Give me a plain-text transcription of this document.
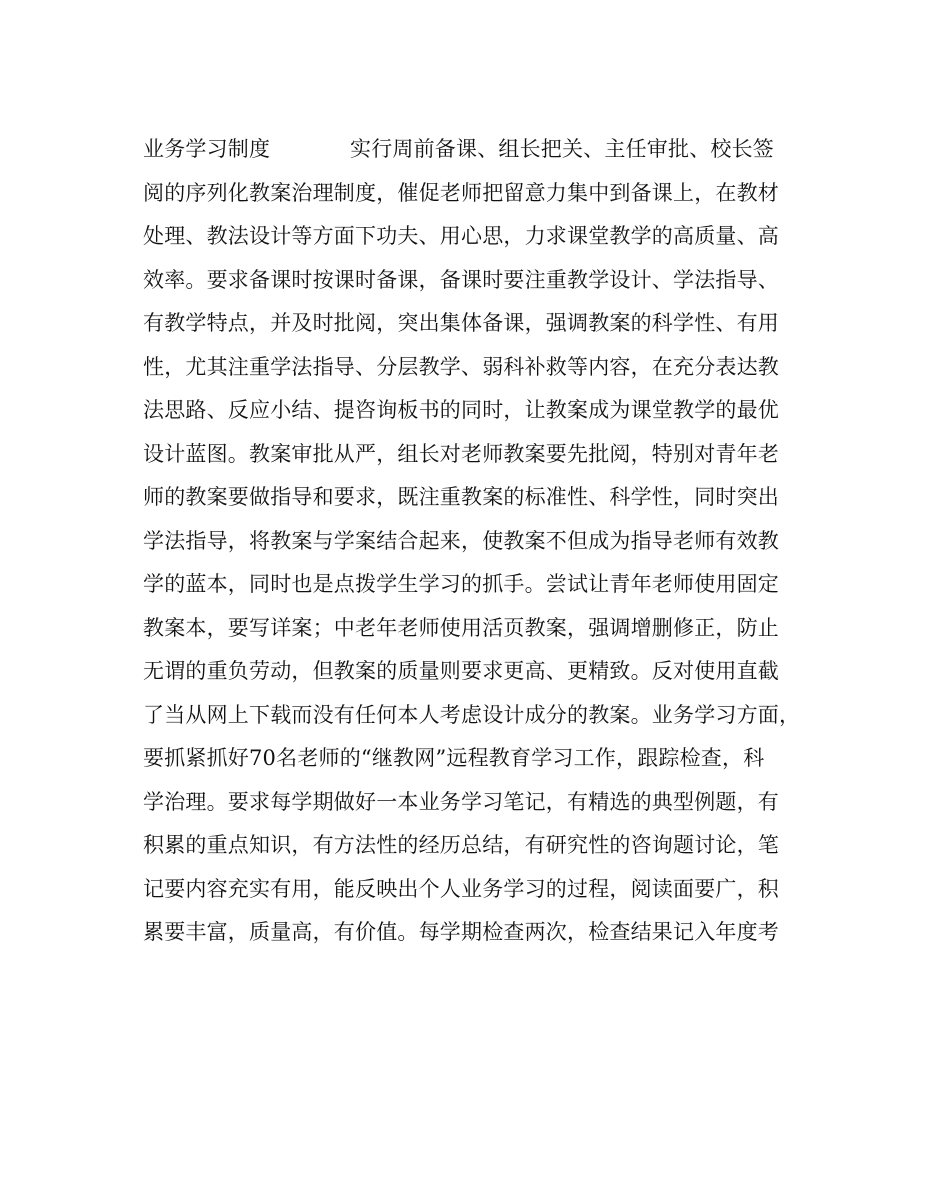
业务学习制度	实行周前备课、组长把关、主任审批、校长签
阅的序列化教案治理制度，催促老师把留意力集中到备课上，在教材
处理、教法设计等方面下功夫、用心思，力求课堂教学的高质量、高
效率。要求备课时按课时备课，备课时要注重教学设计、学法指导、
有教学特点，并及时批阅，突出集体备课，强调教案的科学性、有用
性，尤其注重学法指导、分层教学、弱科补救等内容，在充分表达教
法思路、反应小结、提咨询板书的同时，让教案成为课堂教学的最优
设计蓝图。教案审批从严，组长对老师教案要先批阅，特别对青年老
师的教案要做指导和要求，既注重教案的标准性、科学性，同时突出
学法指导，将教案与学案结合起来，使教案不但成为指导老师有效教
学的蓝本，同时也是点拨学生学习的抓手。尝试让青年老师使用固定
教案本，要写详案；中老年老师使用活页教案，强调增删修正，防止
无谓的重负劳动，但教案的质量则要求更高、更精致。反对使用直截
了当从网上下载而没有任何本人考虑设计成分的教案。业务学习方面，
要抓紧抓好70名老师的“继教网”远程教育学习工作，跟踪检查，科
学治理。要求每学期做好一本业务学习笔记，有精选的典型例题，有
积累的重点知识，有方法性的经历总结，有研究性的咨询题讨论，笔
记要内容充实有用，能反映出个人业务学习的过程，阅读面要广，积
累要丰富，质量高，有价值。每学期检查两次，检查结果记入年度考
